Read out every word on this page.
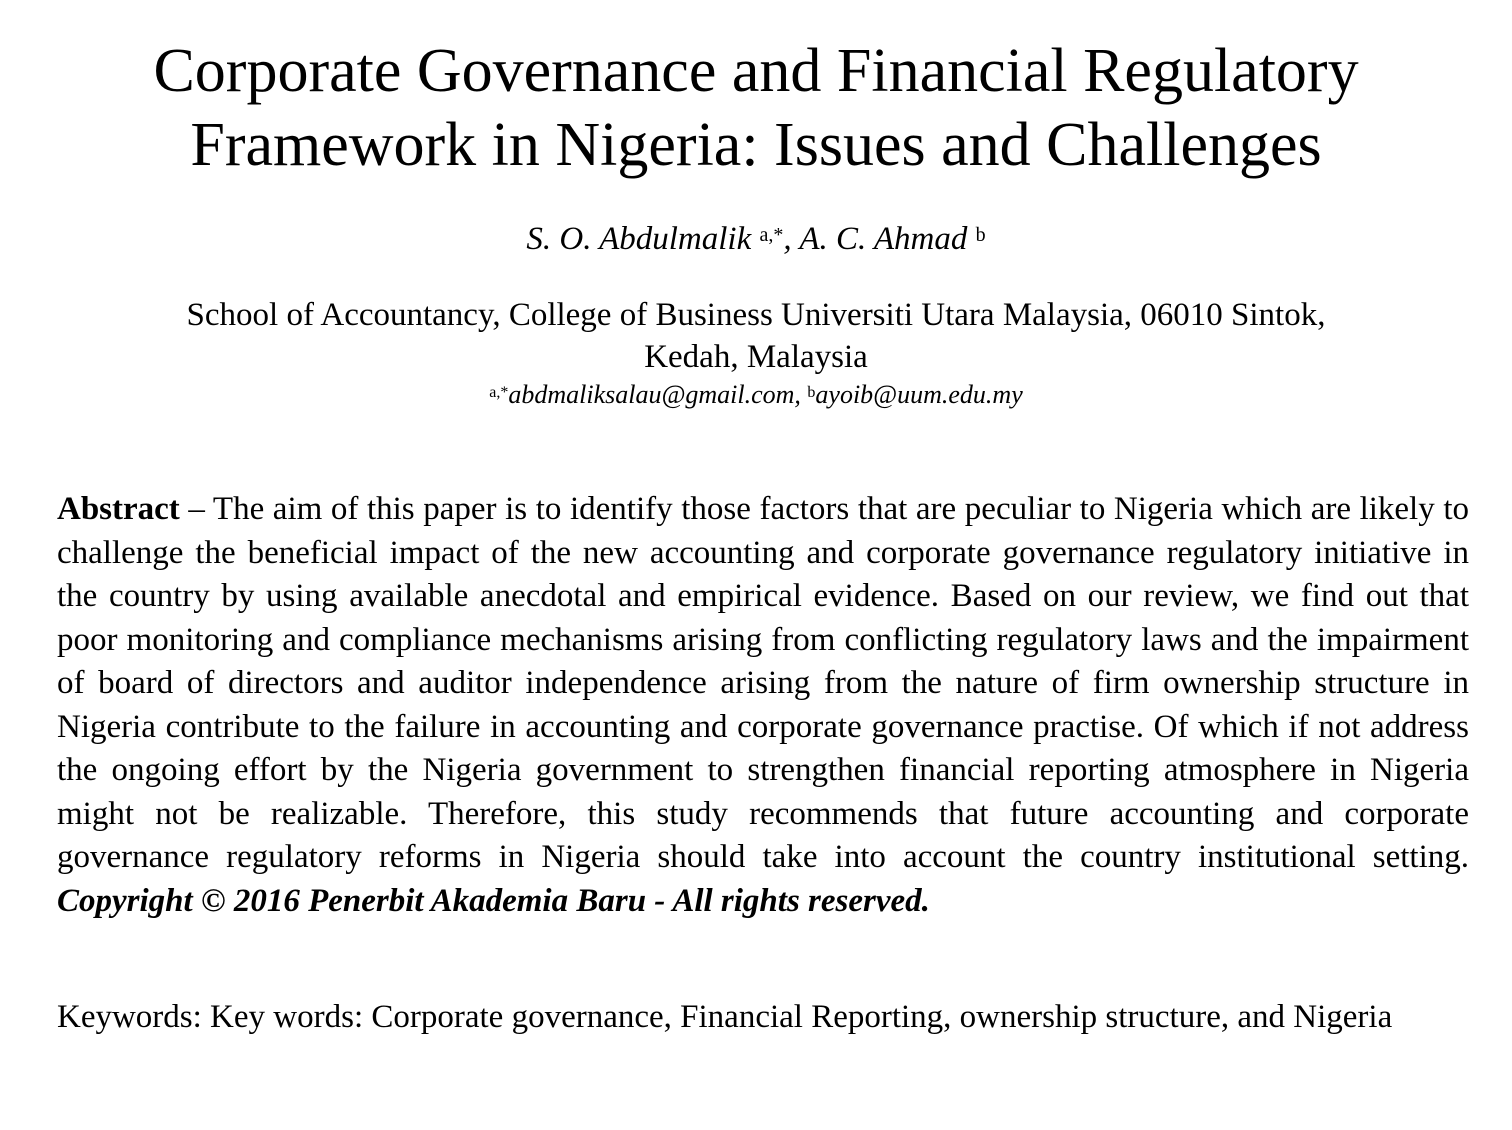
Corporate Governance and Financial Regulatory
Framework in Nigeria: Issues and Challenges

S. O. Abdulmalik $^{a,*}$, A. C. Ahmad $^b$

School of Accountancy, College of Business Universiti Utara Malaysia, 06010 Sintok,
Kedah, Malaysia

$^{a,*}$abdmaliksalau@gmail.com, $^b$ayoib@uum.edu.my

Abstract – The aim of this paper is to identify those factors that are peculiar to Nigeria which are likely to challenge the beneficial impact of the new accounting and corporate governance regulatory initiative in the country by using available anecdotal and empirical evidence. Based on our review, we find out that poor monitoring and compliance mechanisms arising from conflicting regulatory laws and the impairment of board of directors and auditor independence arising from the nature of firm ownership structure in Nigeria contribute to the failure in accounting and corporate governance practise. Of which if not address the ongoing effort by the Nigeria government to strengthen financial reporting atmosphere in Nigeria might not be realizable. Therefore, this study recommends that future accounting and corporate governance regulatory reforms in Nigeria should take into account the country institutional setting. Copyright © 2016 Penerbit Akademia Baru - All rights reserved.

Keywords: Key words: Corporate governance, Financial Reporting, ownership structure, and Nigeria
